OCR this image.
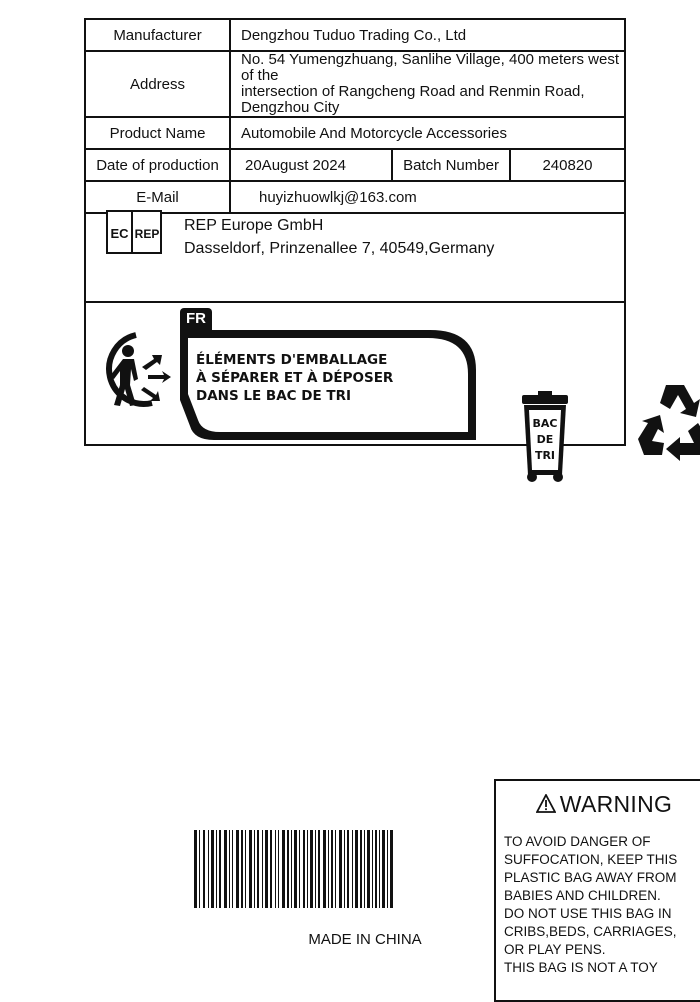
Manufacturer	Dengzhou Tuduo Trading Co., Ltd		
Address	No. 54 Yumengzhuang, Sanlihe Village, 400 meters west of the
intersection of Rangcheng Road and Renmin Road, Dengzhou City		

Product Name	Automobile And Motorcycle Accessories		
Date of production	20August 2024	Batch Number	240820
E-Mail	huyizhuowlkj@163.com		
EC REP REP Europe GmbH
Dasseldorf, Prinzenallee 7, 40549,Germany
FR
ÉLÉMENTS D'EMBALLAGE
À SÉPARER ET À DÉPOSER
DANS LE BAC DE TRI
BAC
DE
TRI
MADE IN CHINA
WARNING
TO AVOID DANGER OF
SUFFOCATION, KEEP THIS
PLASTIC BAG AWAY FROM
BABIES AND CHILDREN.
DO NOT USE THIS BAG IN
CRIBS,BEDS, CARRIAGES,
OR PLAY PENS.
THIS BAG IS NOT A TOY
